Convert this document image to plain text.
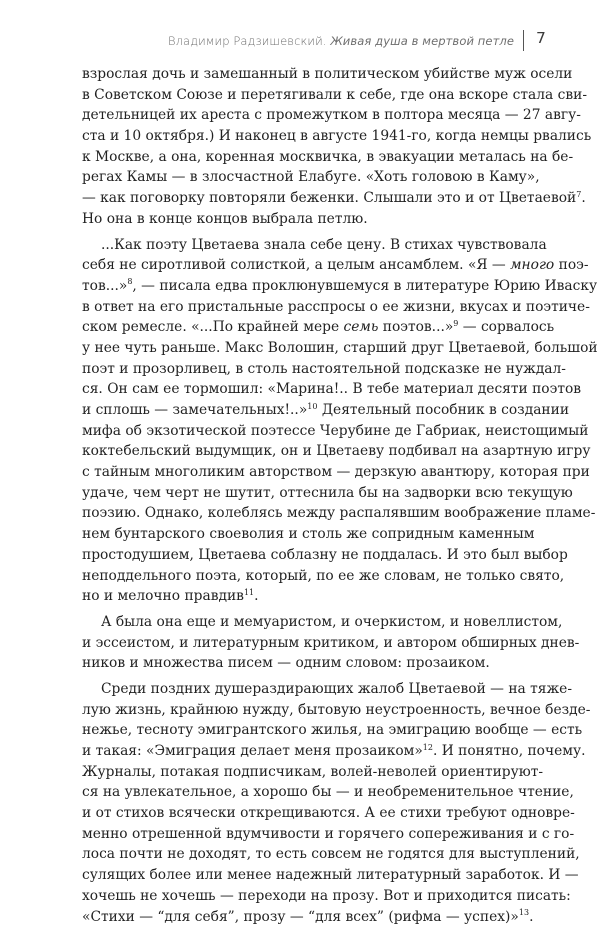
Владимир Радзишевский. Живая душа в мертвой петле 7
взрослая дочь и замешанный в политическом убийстве муж осели
в Советском Союзе и перетягивали к себе, где она вскоре стала сви-
детельницей их ареста с промежутком в полтора месяца — 27 авгу-
ста и 10 октября.) И наконец в августе 1941-го, когда немцы рвались
к Москве, а она, коренная москвичка, в эвакуации металась на бе-
регах Камы — в злосчастной Елабуге. «Хоть головою в Каму»,
— как поговорку повторяли беженки. Слышали это и от Цветаевой$^7$.
Но она в конце концов выбрала петлю.
...Как поэту Цветаева знала себе цену. В стихах чувствовала
себя не сиротливой солисткой, а целым ансамблем. «Я — много поэ-
тов...»$^8$, — писала едва проклюнувшемуся в литературе Юрию Иваску
в ответ на его пристальные расспросы о ее жизни, вкусах и поэтиче-
ском ремесле. «...По крайней мере семь поэтов...»$^9$ — сорвалось
у нее чуть раньше. Макс Волошин, старший друг Цветаевой, большой
поэт и прозорливец, в столь настоятельной подсказке не нуждал-
ся. Он сам ее тормошил: «Марина!.. В тебе материал десяти поэтов
и сплошь — замечательных!..»$^{10}$ Деятельный пособник в создании
мифа об экзотической поэтессе Черубине де Габриак, неистощимый
коктебельский выдумщик, он и Цветаеву подбивал на азартную игру
с тайным многоликим авторством — дерзкую авантюру, которая при
удаче, чем черт не шутит, оттеснила бы на задворки всю текущую
поэзию. Однако, колеблясь между распалявшим воображение пламе-
нем бунтарского своеволия и столь же сопридным каменным
простодушием, Цветаева соблазну не поддалась. И это был выбор
неподдельного поэта, который, по ее же словам, не только свято,
но и мелочно правдив$^{11}$.
А была она еще и мемуаристом, и очеркистом, и новеллистом,
и эссеистом, и литературным критиком, и автором обширных днев-
ников и множества писем — одним словом: прозаиком.
Среди поздних душераздирающих жалоб Цветаевой — на тяже-
лую жизнь, крайнюю нужду, бытовую неустроенность, вечное безде-
нежье, тесноту эмигрантского жилья, на эмиграцию вообще — есть
и такая: «Эмиграция делает меня прозаиком»$^{12}$. И понятно, почему.
Журналы, потакая подписчикам, волей-неволей ориентируют-
ся на увлекательное, а хорошо бы — и необременительное чтение,
и от стихов всячески открещиваются. А ее стихи требуют одновре-
менно отрешенной вдумчивости и горячего сопереживания и с го-
лоса почти не доходят, то есть совсем не годятся для выступлений,
сулящих более или менее надежный литературный заработок. И —
хочешь не хочешь — переходи на прозу. Вот и приходится писать:
«Стихи — “для себя”, прозу — “для всех” (рифма — успех)»$^{13}$.
